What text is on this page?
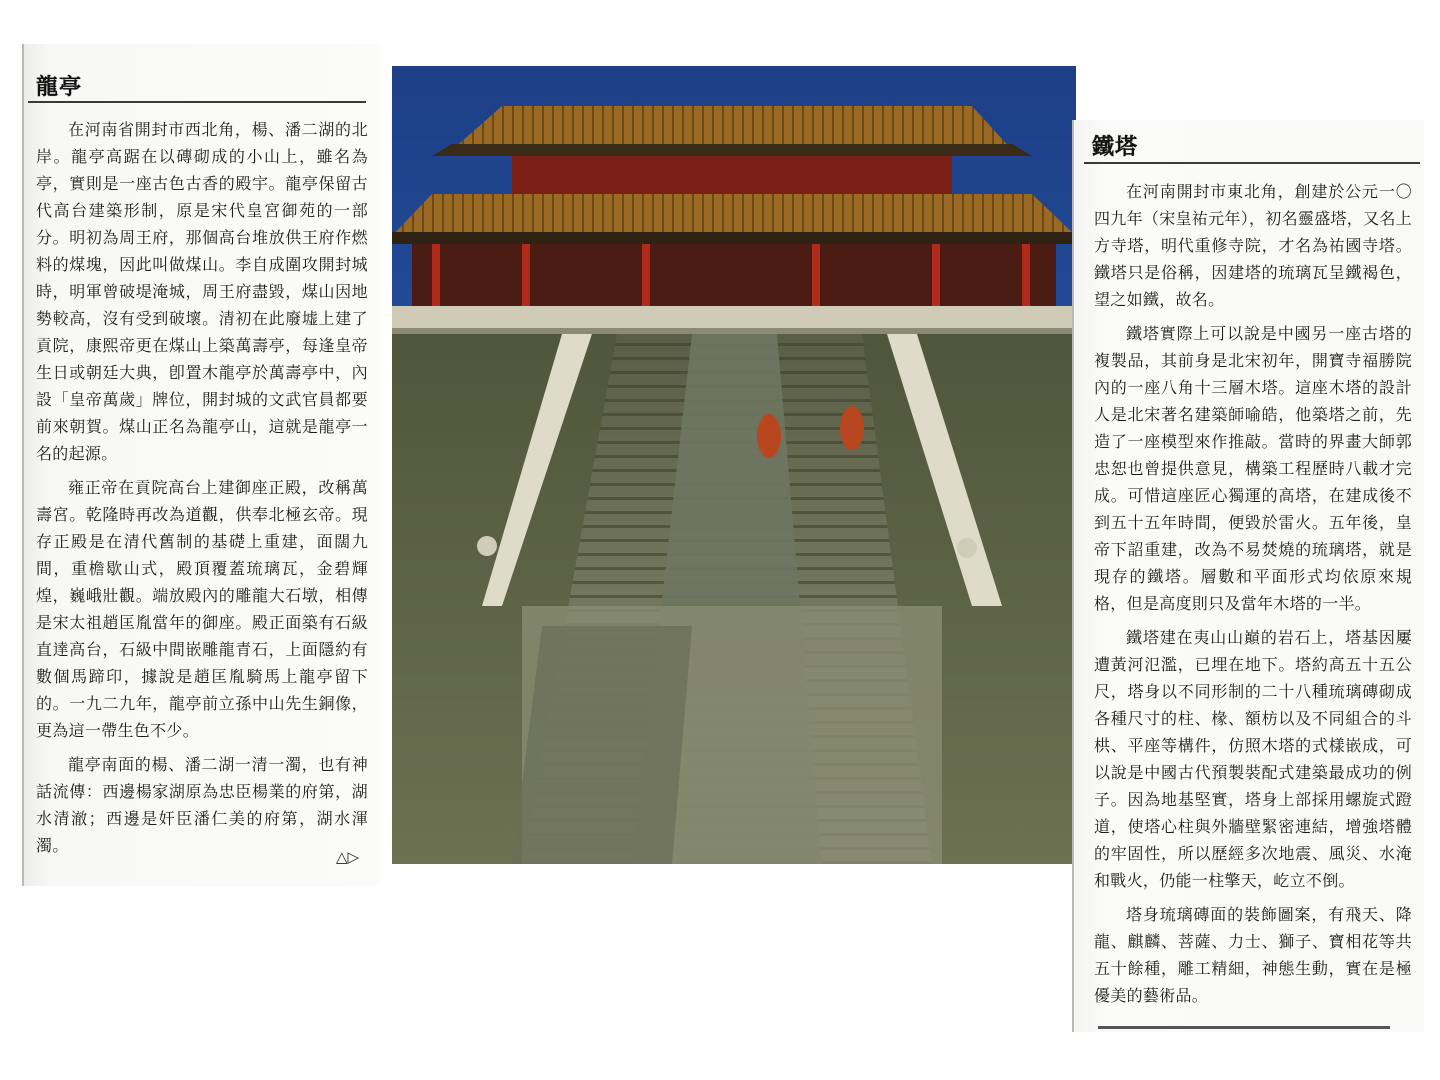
龍亭

在河南省開封市西北角，楊、潘二湖的北岸。龍亭高踞在以磚砌成的小山上，雖名為亭，實則是一座古色古香的殿宇。龍亭保留古代高台建築形制，原是宋代皇宮御苑的一部分。明初為周王府，那個高台堆放供王府作燃料的煤塊，因此叫做煤山。李自成圍攻開封城時，明軍曾破堤淹城，周王府盡毀，煤山因地勢較高，沒有受到破壞。清初在此廢墟上建了貢院，康熙帝更在煤山上築萬壽亭，每逢皇帝生日或朝廷大典，卽置木龍亭於萬壽亭中，內設「皇帝萬歲」牌位，開封城的文武官員都要前來朝賀。煤山正名為龍亭山，這就是龍亭一名的起源。

雍正帝在貢院高台上建御座正殿，改稱萬壽宮。乾隆時再改為道觀，供奉北極玄帝。現存正殿是在清代舊制的基礎上重建，面闊九間，重檐歇山式，殿頂覆蓋琉璃瓦，金碧輝煌，巍峨壯觀。端放殿內的雕龍大石墩，相傳是宋太祖趙匡胤當年的御座。殿正面築有石級直達高台，石級中間嵌雕龍青石，上面隱約有數個馬蹄印，據說是趙匡胤騎馬上龍亭留下的。一九二九年，龍亭前立孫中山先生銅像，更為這一帶生色不少。

龍亭南面的楊、潘二湖一清一濁，也有神話流傳：西邊楊家湖原為忠臣楊業的府第，湖水清澈；西邊是奸臣潘仁美的府第，湖水渾濁。

△▷
鐵塔

在河南開封市東北角，創建於公元一〇四九年（宋皇祐元年），初名靈盛塔，又名上方寺塔，明代重修寺院，才名為祐國寺塔。鐵塔只是俗稱，因建塔的琉璃瓦呈鐵褐色，望之如鐵，故名。

鐵塔實際上可以說是中國另一座古塔的複製品，其前身是北宋初年，開寶寺福勝院內的一座八角十三層木塔。這座木塔的設計人是北宋著名建築師喻皓，他築塔之前，先造了一座模型來作推敲。當時的界畫大師郭忠恕也曾提供意見，構築工程歷時八載才完成。可惜這座匠心獨運的高塔，在建成後不到五十五年時間，便毀於雷火。五年後，皇帝下詔重建，改為不易焚燒的琉璃塔，就是現存的鐵塔。層數和平面形式均依原來規格，但是高度則只及當年木塔的一半。

鐵塔建在夷山山巔的岩石上，塔基因屢遭黃河氾濫，已埋在地下。塔約高五十五公尺，塔身以不同形制的二十八種琉璃磚砌成各種尺寸的柱、椽、額枋以及不同組合的斗栱、平座等構件，仿照木塔的式樣嵌成，可以說是中國古代預製裝配式建築最成功的例子。因為地基堅實，塔身上部採用螺旋式蹬道，使塔心柱與外牆壁緊密連結，增強塔體的牢固性，所以歷經多次地震、風災、水淹和戰火，仍能一柱擎天，屹立不倒。

塔身琉璃磚面的裝飾圖案，有飛天、降龍、麒麟、菩薩、力士、獅子、寶相花等共五十餘種，雕工精細，神態生動，實在是極優美的藝術品。
